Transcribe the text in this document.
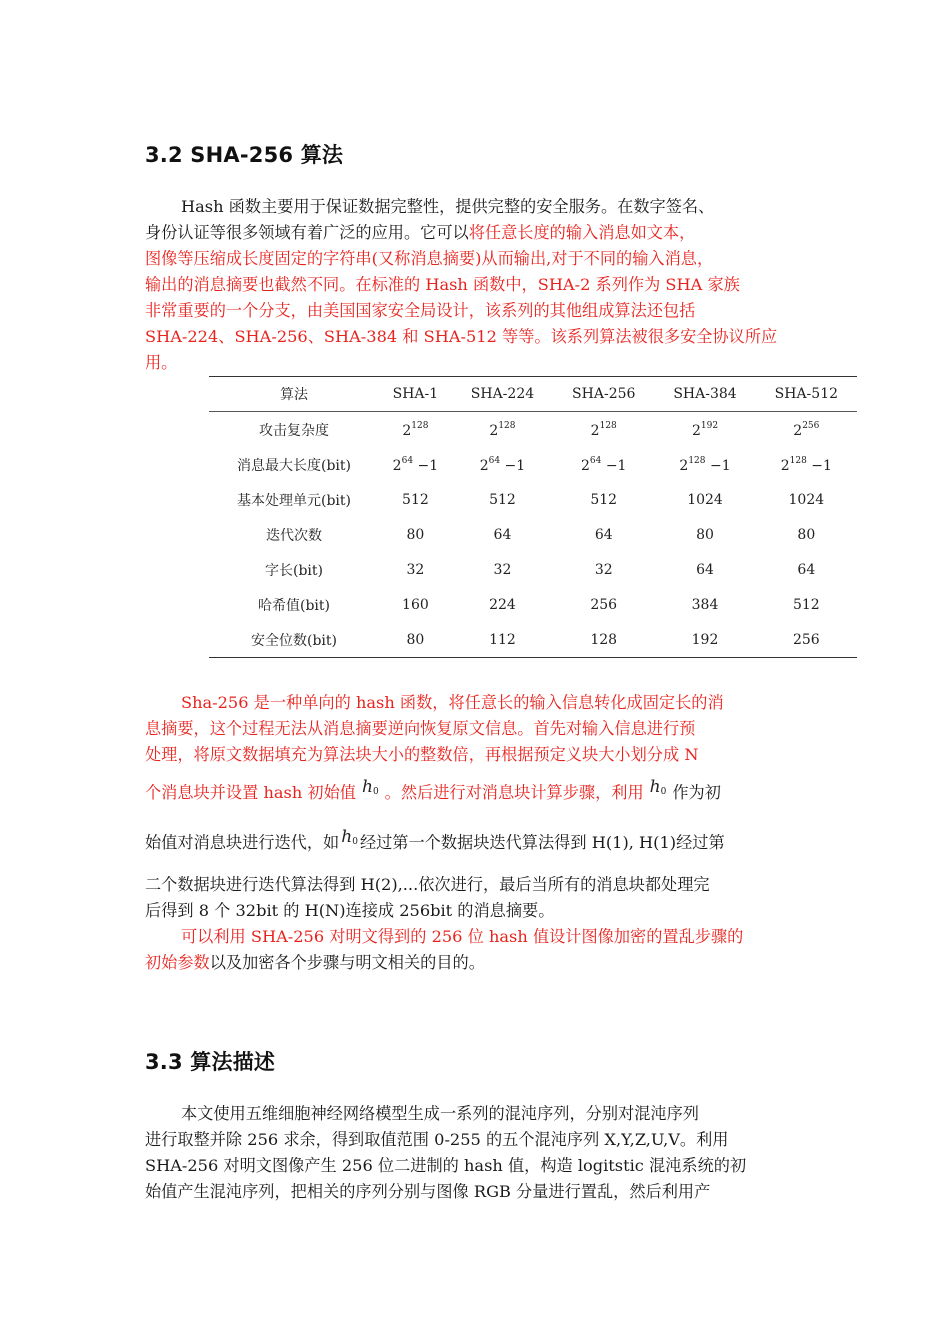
3.2 SHA-256 算法
Hash 函数主要用于保证数据完整性，提供完整的安全服务。在数字签名、
身份认证等很多领域有着广泛的应用。它可以将任意长度的输入消息如文本，
图像等压缩成长度固定的字符串(又称消息摘要)从而输出,对于不同的输入消息，
输出的消息摘要也截然不同。在标准的 Hash 函数中，SHA-2 系列作为 SHA 家族
非常重要的一个分支，由美国国家安全局设计，该系列的其他组成算法还包括
SHA-224、SHA-256、SHA-384 和 SHA-512 等等。该系列算法被很多安全协议所应
用。
算法	SHA-1	SHA-224	SHA-256	SHA-384	SHA-512
攻击复杂度	$2^{128}$	$2^{128}$	$2^{128}$	$2^{192}$	$2^{256}$
消息最大长度(bit)	$2^{64} -1$	$2^{64} -1$	$2^{64} -1$	$2^{128} -1$	$2^{128} -1$
基本处理单元(bit)	512	512	512	1024	1024
迭代次数	80	64	64	80	80
字长(bit)	32	32	32	64	64
哈希值(bit)	160	224	256	384	512
安全位数(bit)	80	112	128	192	256
Sha-256 是一种单向的 hash 函数，将任意长的输入信息转化成固定长的消
息摘要，这个过程无法从消息摘要逆向恢复原文信息。首先对输入信息进行预
处理，将原文数据填充为算法块大小的整数倍，再根据预定义块大小划分成 N
个消息块并设置 hash 初始值 $h_0$ 。然后进行对消息块计算步骤，利用 $h_0$ 作为初
始值对消息块进行迭代，如 $h_0$ 经过第一个数据块迭代算法得到 H(1), H(1)经过第
二个数据块进行迭代算法得到 H(2),...依次进行，最后当所有的消息块都处理完
后得到 8 个 32bit 的 H(N)连接成 256bit 的消息摘要。
可以利用 SHA-256 对明文得到的 256 位 hash 值设计图像加密的置乱步骤的
初始参数以及加密各个步骤与明文相关的目的。
3.3 算法描述
本文使用五维细胞神经网络模型生成一系列的混沌序列，分别对混沌序列
进行取整并除 256 求余，得到取值范围 0-255 的五个混沌序列 X,Y,Z,U,V。利用
SHA-256 对明文图像产生 256 位二进制的 hash 值，构造 logitstic 混沌系统的初
始值产生混沌序列，把相关的序列分别与图像 RGB 分量进行置乱，然后利用产
